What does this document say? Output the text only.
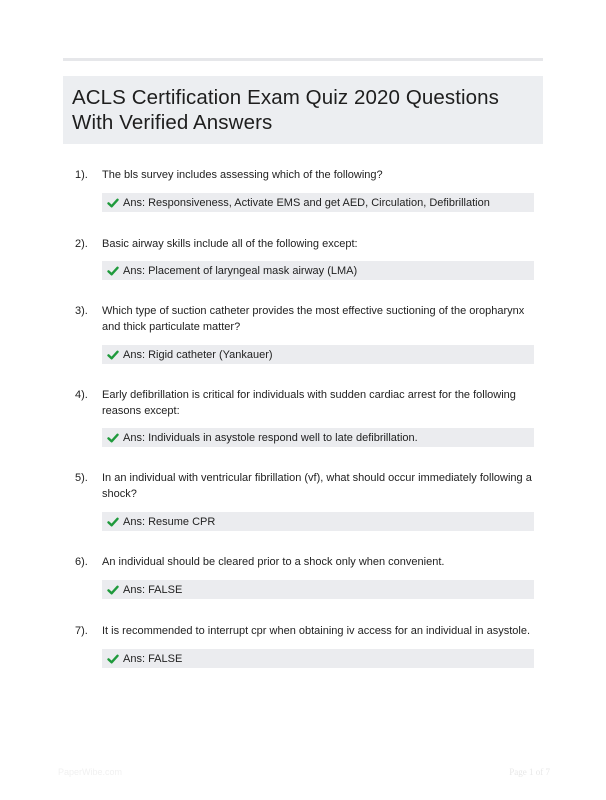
ACLS Certification Exam Quiz 2020 Questions With Verified Answers
1). The bls survey includes assessing which of the following?
Ans: Responsiveness, Activate EMS and get AED, Circulation, Defibrillation
2). Basic airway skills include all of the following except:
Ans: Placement of laryngeal mask airway (LMA)
3). Which type of suction catheter provides the most effective suctioning of the oropharynx and thick particulate matter?
Ans: Rigid catheter (Yankauer)
4). Early defibrillation is critical for individuals with sudden cardiac arrest for the following reasons except:
Ans: Individuals in asystole respond well to late defibrillation.
5). In an individual with ventricular fibrillation (vf), what should occur immediately following a shock?
Ans: Resume CPR
6). An individual should be cleared prior to a shock only when convenient.
Ans: FALSE
7). It is recommended to interrupt cpr when obtaining iv access for an individual in asystole.
Ans: FALSE
PaperWibe.com	Page 1 of 7
